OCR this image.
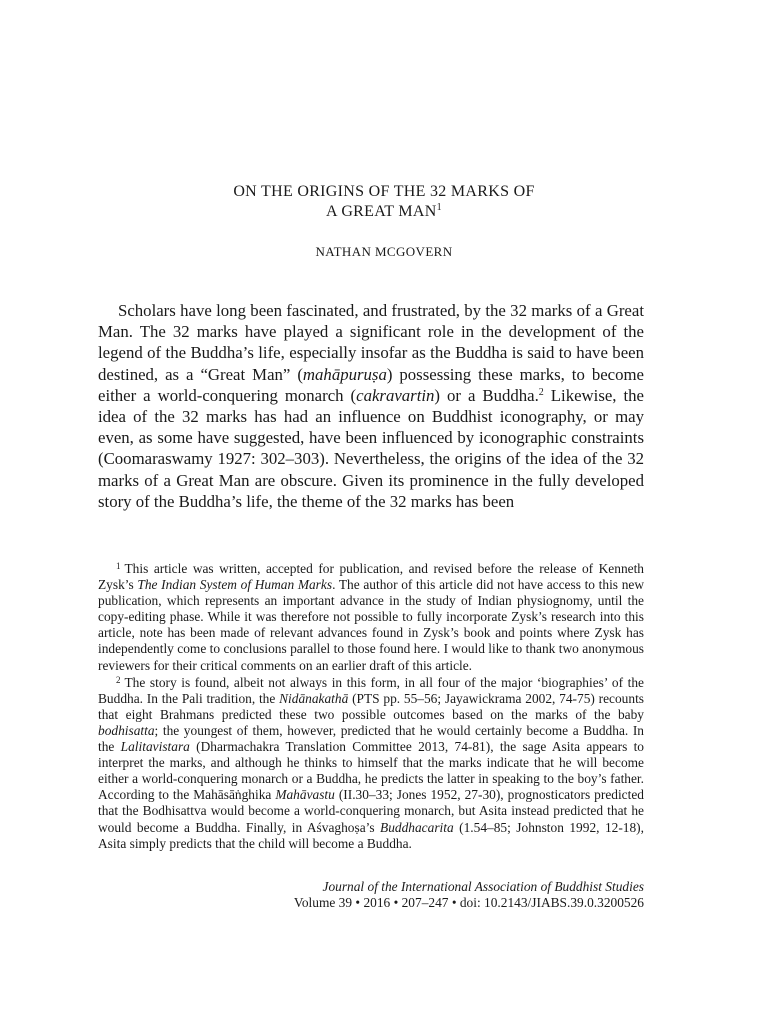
ON THE ORIGINS OF THE 32 MARKS OF
A GREAT MAN$^1$
NATHAN MCGOVERN

Scholars have long been fascinated, and frustrated, by the 32 marks of a Great Man. The 32 marks have played a significant role in the development of the legend of the Buddha’s life, especially insofar as the Buddha is said to have been destined, as a “Great Man” (mahāpuruṣa) possessing these marks, to become either a world-conquering monarch (cakravartin) or a Buddha.$^2$ Likewise, the idea of the 32 marks has had an influence on Buddhist iconography, or may even, as some have suggested, have been influenced by iconographic constraints (Coomaraswamy 1927: 302–303). Nevertheless, the origins of the idea of the 32 marks of a Great Man are obscure. Given its prominence in the fully developed story of the Buddha’s life, the theme of the 32 marks has been

$^1$ This article was written, accepted for publication, and revised before the release of Kenneth Zysk’s The Indian System of Human Marks. The author of this article did not have access to this new publication, which represents an important advance in the study of Indian physiognomy, until the copy-editing phase. While it was therefore not possible to fully incorporate Zysk’s research into this article, note has been made of relevant advances found in Zysk’s book and points where Zysk has independently come to conclusions parallel to those found here. I would like to thank two anonymous reviewers for their critical comments on an earlier draft of this article.

$^2$ The story is found, albeit not always in this form, in all four of the major ‘biographies’ of the Buddha. In the Pali tradition, the Nidānakathā (PTS pp. 55–56; Jayawickrama 2002, 74-75) recounts that eight Brahmans predicted these two possible outcomes based on the marks of the baby bodhisatta; the youngest of them, however, predicted that he would certainly become a Buddha. In the Lalitavistara (Dharmachakra Translation Committee 2013, 74-81), the sage Asita appears to interpret the marks, and although he thinks to himself that the marks indicate that he will become either a world-conquering monarch or a Buddha, he predicts the latter in speaking to the boy’s father. According to the Mahāsāṅghika Mahāvastu (II.30–33; Jones 1952, 27-30), prognosticators predicted that the Bodhisattva would become a world-conquering monarch, but Asita instead predicted that he would become a Buddha. Finally, in Aśvaghoṣa’s Buddhacarita (1.54–85; Johnston 1992, 12-18), Asita simply predicts that the child will become a Buddha.

Journal of the International Association of Buddhist Studies
Volume 39 • 2016 • 207–247 • doi: 10.2143/JIABS.39.0.3200526
